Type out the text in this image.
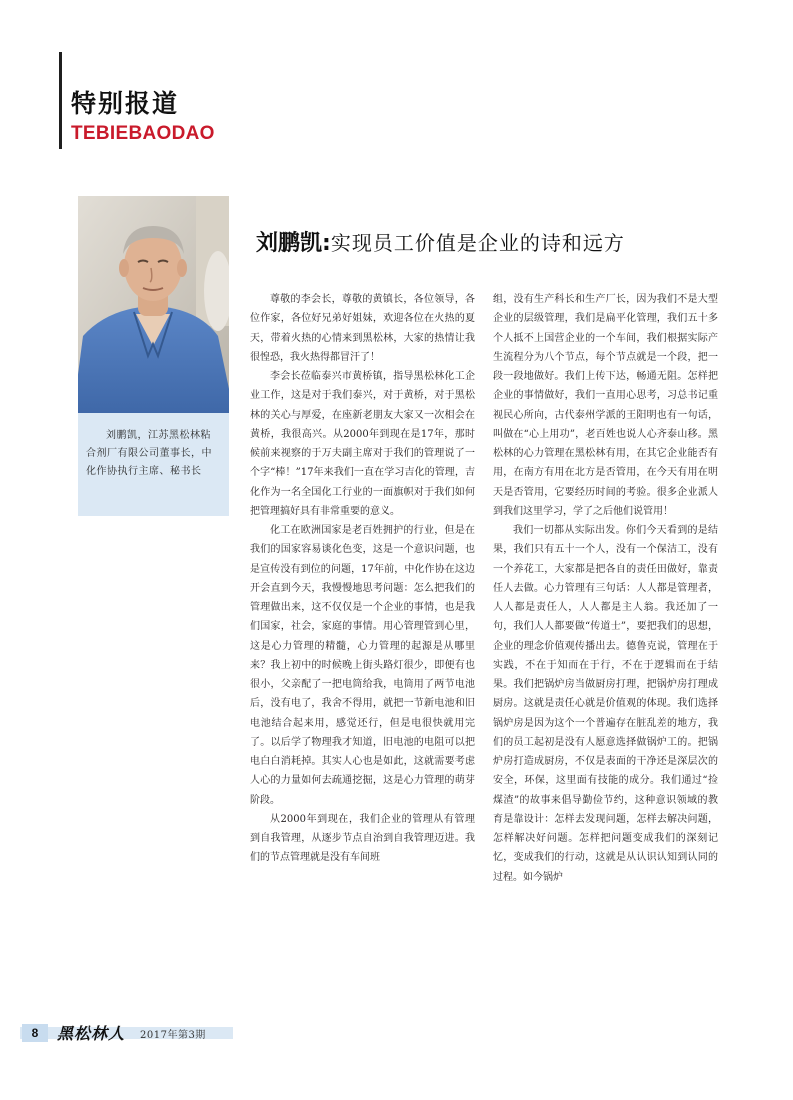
特别报道
TEBIEBAODAO

刘鹏凯，江苏黑松林粘合剂厂有限公司董事长，中化作协执行主席、秘书长

刘鹏凯:实现员工价值是企业的诗和远方

尊敬的李会长，尊敬的黄镇长，各位领导，各位作家，各位好兄弟好姐妹，欢迎各位在火热的夏天，带着火热的心情来到黑松林，大家的热情让我很惶恐，我火热得都冒汗了！

李会长莅临泰兴市黄桥镇，指导黑松林化工企业工作，这是对于我们泰兴，对于黄桥，对于黑松林的关心与厚爱，在座新老朋友大家又一次相会在黄桥，我很高兴。从2000年到现在是17年，那时候前来视察的于万夫副主席对于我们的管理说了一个字“棒！”17年来我们一直在学习吉化的管理，吉化作为一名全国化工行业的一面旗帜对于我们如何把管理搞好具有非常重要的意义。

化工在欧洲国家是老百姓拥护的行业，但是在我们的国家容易谈化色变，这是一个意识问题，也是宣传没有到位的问题，17年前，中化作协在这边开会直到今天，我慢慢地思考问题：怎么把我们的管理做出来，这不仅仅是一个企业的事情，也是我们国家，社会，家庭的事情。用心管理管到心里，这是心力管理的精髓，心力管理的起源是从哪里来？我上初中的时候晚上街头路灯很少，即便有也很小，父亲配了一把电筒给我，电筒用了两节电池后，没有电了，我舍不得用，就把一节新电池和旧电池结合起来用，感觉还行，但是电很快就用完了。以后学了物理我才知道，旧电池的电阻可以把电白白消耗掉。其实人心也是如此，这就需要考虑人心的力量如何去疏通挖掘，这是心力管理的萌芽阶段。

从2000年到现在，我们企业的管理从有管理到自我管理，从逐步节点自治到自我管理迈进。我们的节点管理就是没有车间班

组，没有生产科长和生产厂长，因为我们不是大型企业的层级管理，我们是扁平化管理，我们五十多个人抵不上国营企业的一个车间，我们根据实际产生流程分为八个节点，每个节点就是一个段，把一段一段地做好。我们上传下达，畅通无阻。怎样把企业的事情做好，我们一直用心思考，习总书记重视民心所向，古代泰州学派的王阳明也有一句话，叫做在“心上用功”，老百姓也说人心齐泰山移。黑松林的心力管理在黑松林有用，在其它企业能否有用，在南方有用在北方是否管用，在今天有用在明天是否管用，它要经历时间的考验。很多企业派人到我们这里学习，学了之后他们说管用！

我们一切都从实际出发。你们今天看到的是结果，我们只有五十一个人，没有一个保洁工，没有一个养花工，大家都是把各自的责任田做好，靠责任人去做。心力管理有三句话：人人都是管理者，人人都是责任人，人人都是主人翁。我还加了一句，我们人人都要做“传道士”，要把我们的思想，企业的理念价值观传播出去。德鲁克说，管理在于实践，不在于知而在于行，不在于逻辑而在于结果。我们把锅炉房当做厨房打理，把锅炉房打理成厨房。这就是责任心就是价值观的体现。我们选择锅炉房是因为这个一个普遍存在脏乱差的地方，我们的员工起初是没有人愿意选择做锅炉工的。把锅炉房打造成厨房，不仅是表面的干净还是深层次的安全，环保，这里面有技能的成分。我们通过“捡煤渣”的故事来倡导勤俭节约，这种意识领域的教育是靠设计：怎样去发现问题，怎样去解决问题，怎样解决好问题。怎样把问题变成我们的深刻记忆，变成我们的行动，这就是从认识认知到认同的过程。如今锅炉

8	黑松林人 2017年第3期
